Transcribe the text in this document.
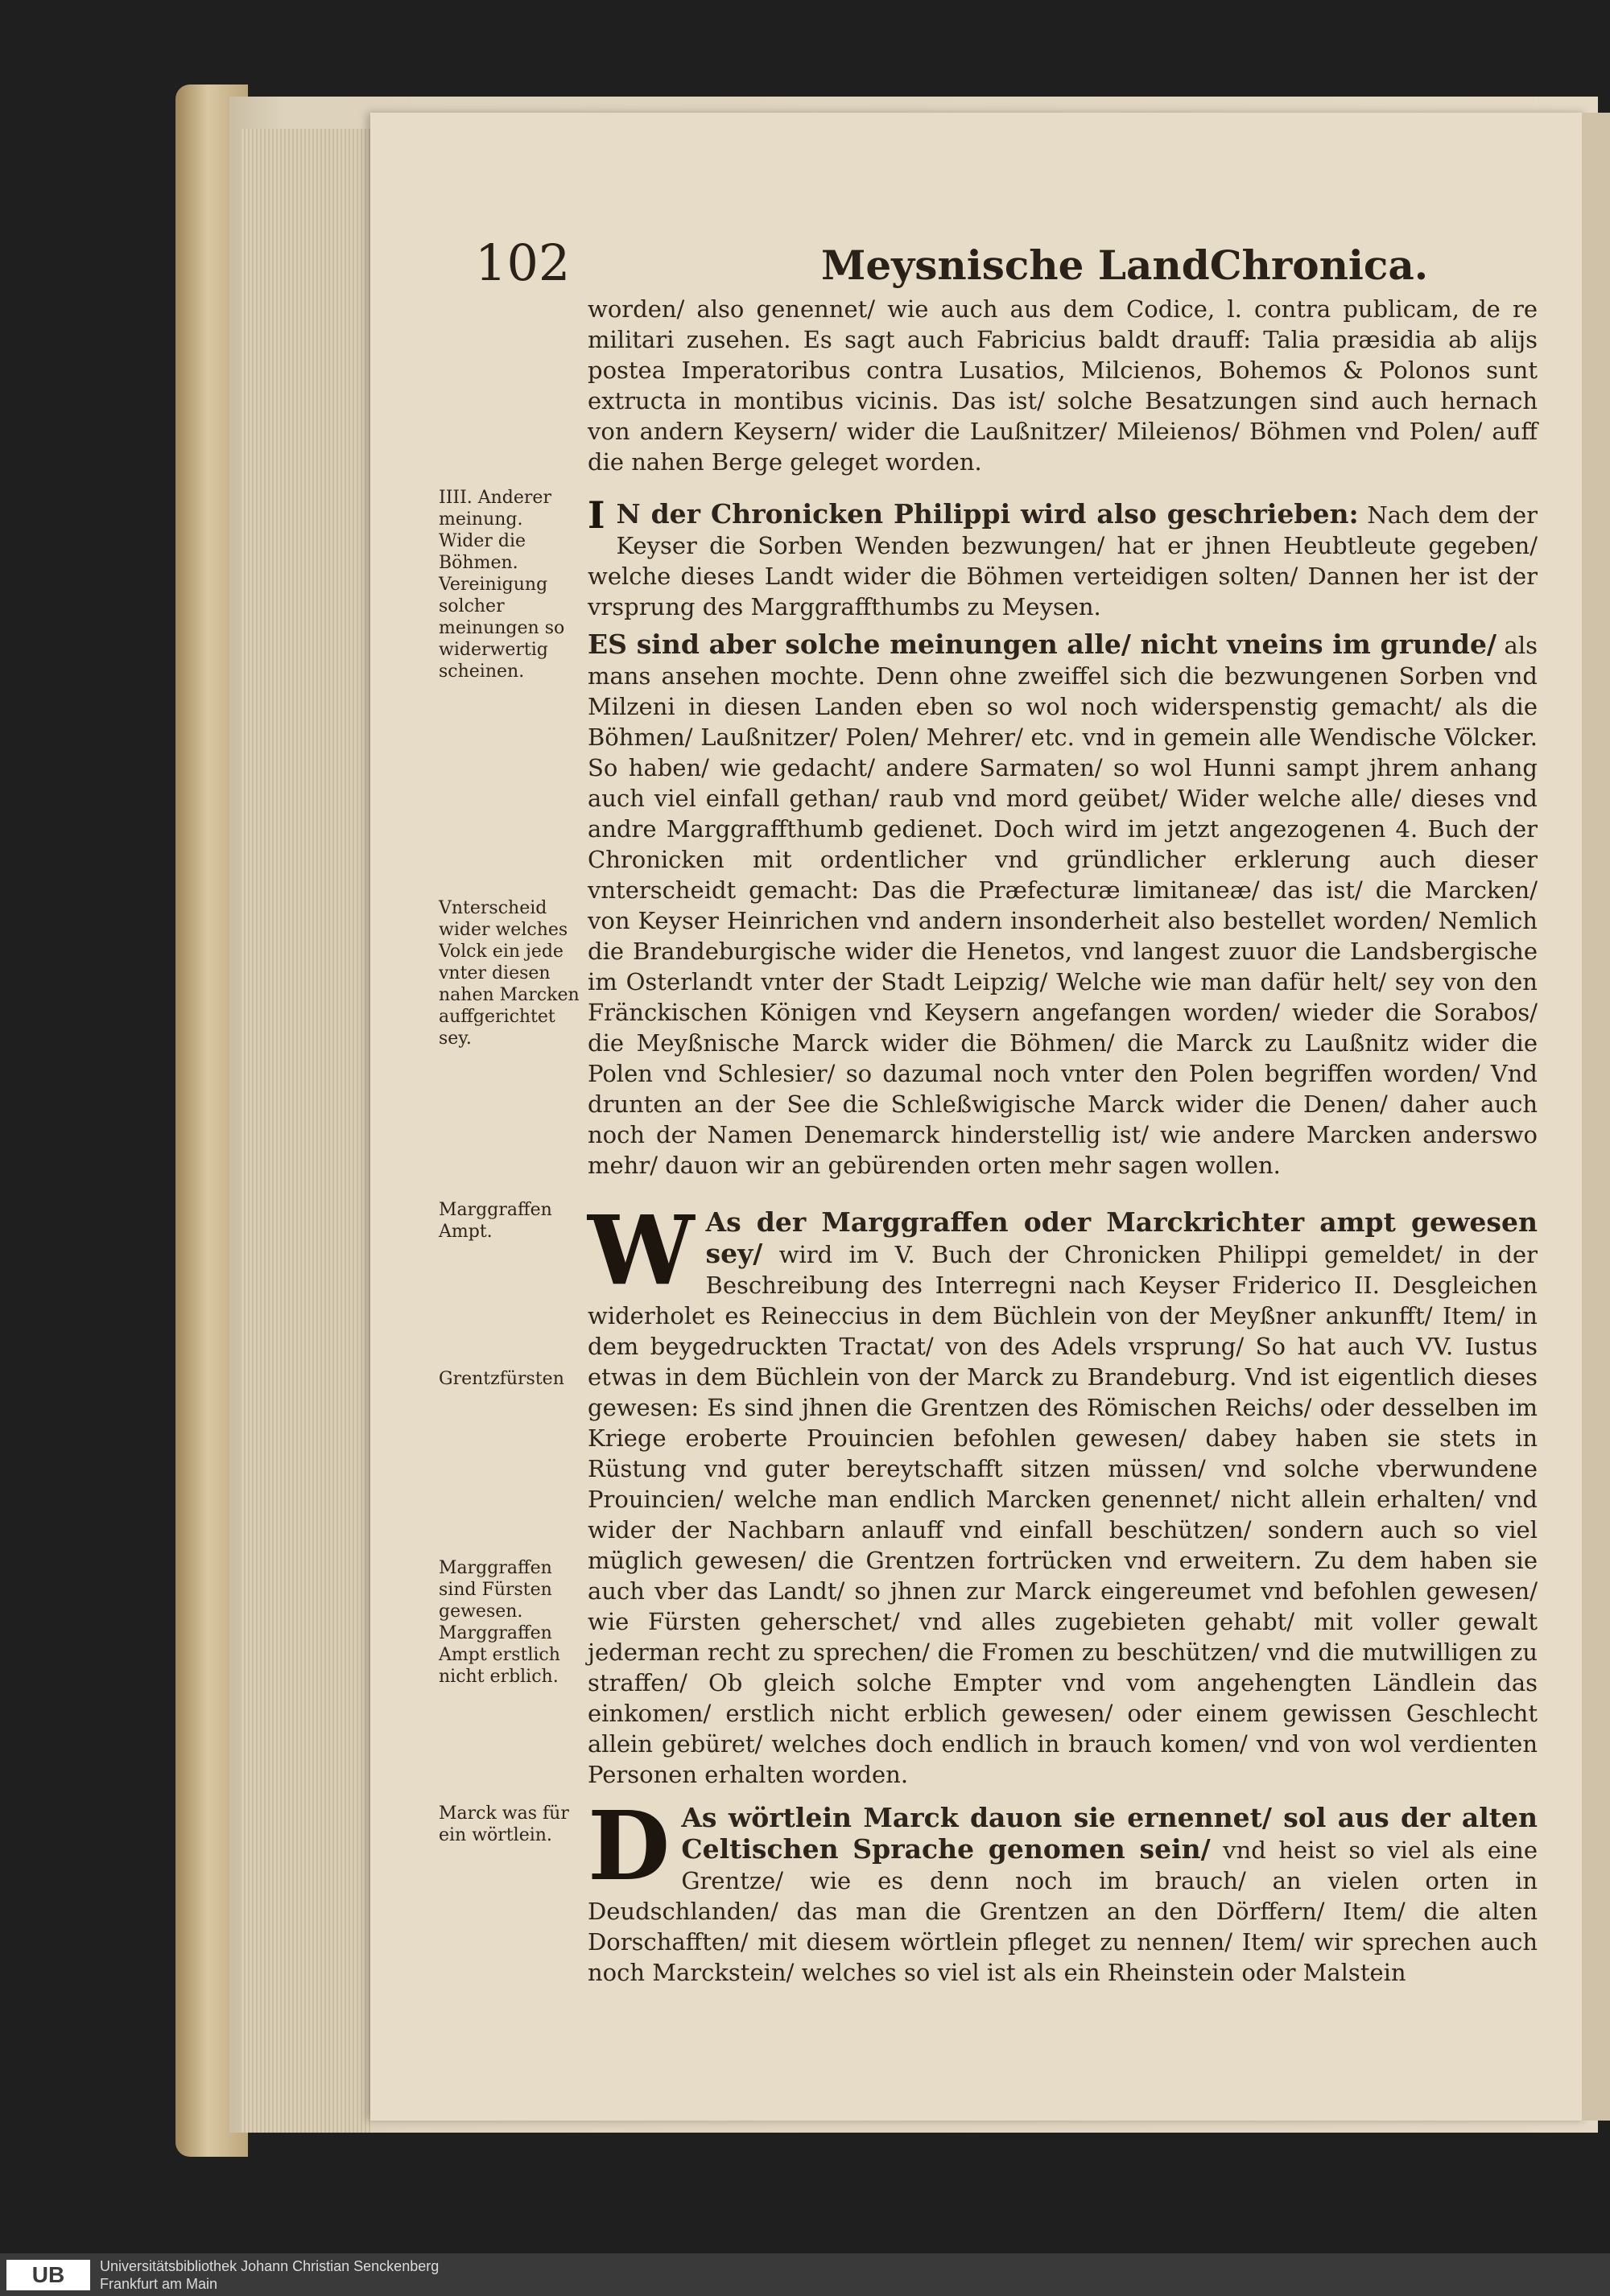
102	Meysnische LandChronica.

worden/ also genennet/ wie auch aus dem Codice, l. contra publicam, de re militari zusehen. Es sagt auch Fabricius baldt drauff: Talia præsidia ab alijs postea Imperatoribus contra Lusatios, Milcienos, Bohemos & Polonos sunt extructa in montibus vicinis. Das ist/ solche Besatzungen sind auch hernach von andern Keysern/ wider die Laußnitzer/ Mileienos/ Böhmen vnd Polen/ auff die nahen Berge geleget worden.

I N der Chronicken Philippi wird also geschrieben: Nach dem der Keyser die Sorben Wenden bezwungen/ hat er jhnen Heubtleute gegeben/ welche dieses Landt wider die Böhmen verteidigen solten/ Dannen her ist der vrsprung des Marggraffthumbs zu Meysen.

ES sind aber solche meinungen alle/ nicht vneins im grunde/ als mans ansehen mochte. Denn ohne zweiffel sich die bezwungenen Sorben vnd Milzeni in diesen Landen eben so wol noch widerspenstig gemacht/ als die Böhmen/ Laußnitzer/ Polen/ Mehrer/ etc. vnd in gemein alle Wendische Völcker. So haben/ wie gedacht/ andere Sarmaten/ so wol Hunni sampt jhrem anhang auch viel einfall gethan/ raub vnd mord geübet/ Wider welche alle/ dieses vnd andre Marggraffthumb gedienet. Doch wird im jetzt angezogenen 4. Buch der Chronicken mit ordentlicher vnd gründlicher erklerung auch dieser vnterscheidt gemacht: Das die Præfecturæ limitaneæ/ das ist/ die Marcken/ von Keyser Heinrichen vnd andern insonderheit also bestellet worden/ Nemlich die Brandeburgische wider die Henetos, vnd langest zuuor die Landsbergische im Osterlandt vnter der Stadt Leipzig/ Welche wie man dafür helt/ sey von den Fränckischen Königen vnd Keysern angefangen worden/ wieder die Sorabos/ die Meyßnische Marck wider die Böhmen/ die Marck zu Laußnitz wider die Polen vnd Schlesier/ so dazumal noch vnter den Polen begriffen worden/ Vnd drunten an der See die Schleßwigische Marck wider die Denen/ daher auch noch der Namen Denemarck hinderstellig ist/ wie andere Marcken anderswo mehr/ dauon wir an gebürenden orten mehr sagen wollen.

W As der Marggraffen oder Marckrichter ampt gewesen sey/ wird im V. Buch der Chronicken Philippi gemeldet/ in der Beschreibung des Interregni nach Keyser Friderico II. Desgleichen widerholet es Reineccius in dem Büchlein von der Meyßner ankunfft/ Item/ in dem beygedruckten Tractat/ von des Adels vrsprung/ So hat auch VV. Iustus etwas in dem Büchlein von der Marck zu Brandeburg. Vnd ist eigentlich dieses gewesen: Es sind jhnen die Grentzen des Römischen Reichs/ oder desselben im Kriege eroberte Prouincien befohlen gewesen/ dabey haben sie stets in Rüstung vnd guter bereytschafft sitzen müssen/ vnd solche vberwundene Prouincien/ welche man endlich Marcken genennet/ nicht allein erhalten/ vnd wider der Nachbarn anlauff vnd einfall beschützen/ sondern auch so viel müglich gewesen/ die Grentzen fortrücken vnd erweitern. Zu dem haben sie auch vber das Landt/ so jhnen zur Marck eingereumet vnd befohlen gewesen/ wie Fürsten geherschet/ vnd alles zugebieten gehabt/ mit voller gewalt jederman recht zu sprechen/ die Fromen zu beschützen/ vnd die mutwilligen zu straffen/ Ob gleich solche Empter vnd vom angehengten Ländlein das einkomen/ erstlich nicht erblich gewesen/ oder einem gewissen Geschlecht allein gebüret/ welches doch endlich in brauch komen/ vnd von wol verdienten Personen erhalten worden.

D As wörtlein Marck dauon sie ernennet/ sol aus der alten Celtischen Sprache genomen sein/ vnd heist so viel als eine Grentze/ wie es denn noch im brauch/ an vielen orten in Deudschlanden/ das man die Grentzen an den Dörffern/ Item/ die alten Dorschafften/ mit diesem wörtlein pfleget zu nennen/ Item/ wir sprechen auch noch Marckstein/ welches so viel ist als ein Rheinstein oder Malstein

IIII. Anderer meinung. Wider die Böhmen. Vereinigung solcher meinungen so widerwertig scheinen.
Vnterscheid wider welches Volck ein jede vnter diesen nahen Marcken auffgerichtet sey.
Marggraffen Ampt.
Grentzfürsten
Marggraffen sind Fürsten gewesen. Marggraffen Ampt erstlich nicht erblich.
Marck was für ein wörtlein.
UB	Universitätsbibliothek Johann Christian Senckenberg
Frankfurt am Main
